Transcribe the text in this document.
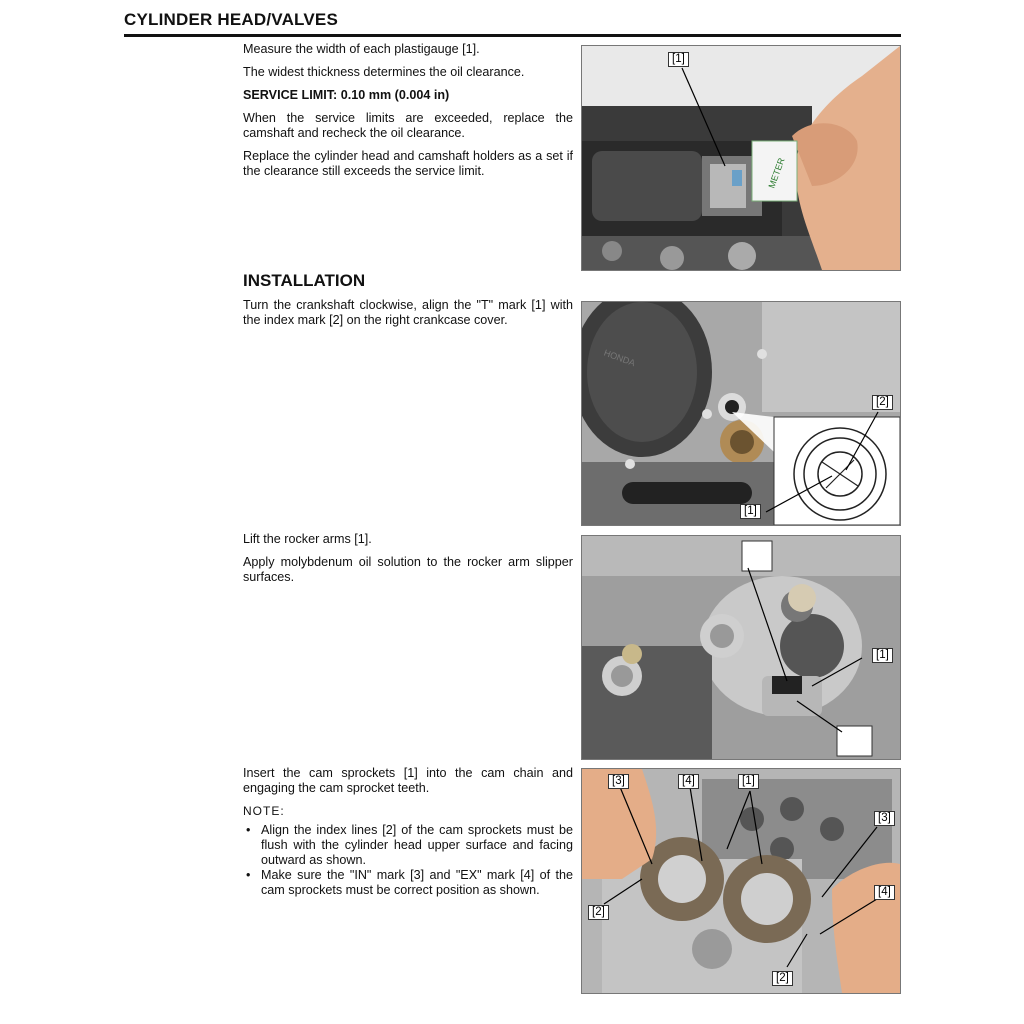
CYLINDER HEAD/VALVES

Measure the width of each plastigauge [1].

The widest thickness determines the oil clearance.

SERVICE LIMIT: 0.10 mm (0.004 in)

When the service limits are exceeded, replace the camshaft and recheck the oil clearance.

Replace the cylinder head and camshaft holders as a set if the clearance still exceeds the service limit.

INSTALLATION

Turn the crankshaft clockwise, align the "T" mark [1] with the index mark [2] on the right crankcase cover.

Lift the rocker arms [1].

Apply molybdenum oil solution to the rocker arm slipper surfaces.

Insert the cam sprockets [1] into the cam chain and engaging the cam sprocket teeth.

NOTE:
• Align the index lines [2] of the cam sprockets must be flush with the cylinder head upper surface and facing outward as shown.
• Make sure the "IN" mark [3] and "EX" mark [4] of the cam sprockets must be correct position as shown.
METER
[1]
HONDA
[2]
[1]
[1]
[3]	[4]	[1]
[3]
[4]
[2]
[2]
